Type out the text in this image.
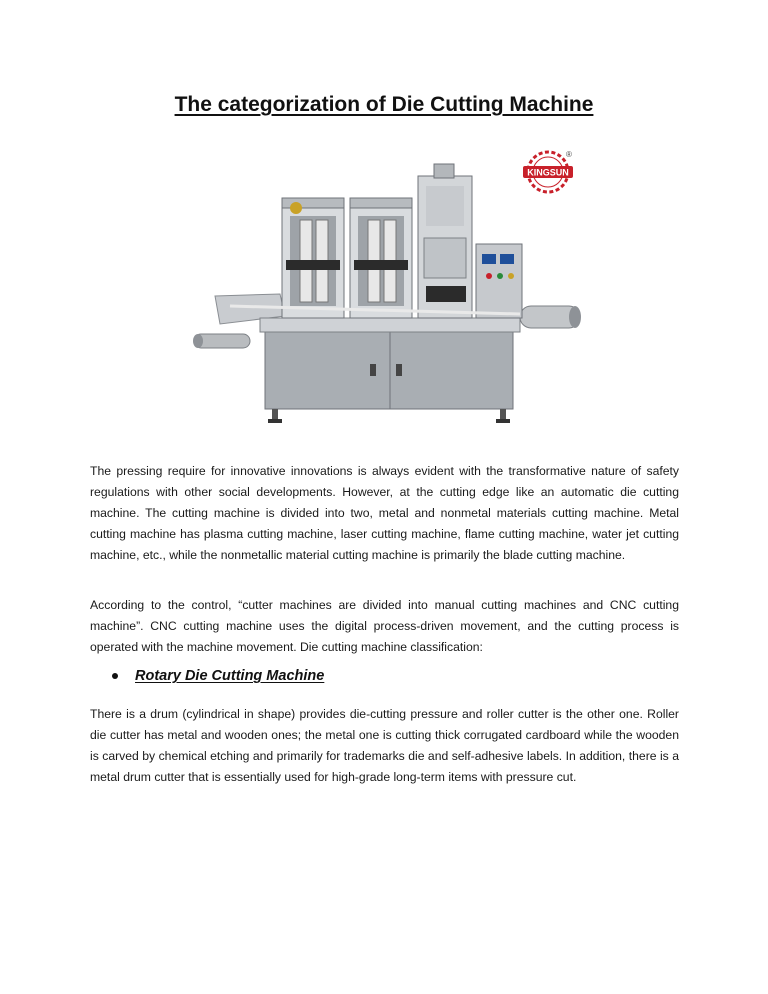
The categorization of Die Cutting Machine
KINGSUN
®

The pressing require for innovative innovations is always evident with the transformative nature of safety regulations with other social developments. However, at the cutting edge like an automatic die cutting machine. The cutting machine is divided into two, metal and nonmetal materials cutting machine. Metal cutting machine has plasma cutting machine, laser cutting machine, flame cutting machine, water jet cutting machine, etc., while the nonmetallic material cutting machine is primarily the blade cutting machine.

According to the control, “cutter machines are divided into manual cutting machines and CNC cutting machine”. CNC cutting machine uses the digital process-driven movement, and the cutting process is operated with the machine movement. Die cutting machine classification:

Rotary Die Cutting Machine

There is a drum (cylindrical in shape) provides die-cutting pressure and roller cutter is the other one. Roller die cutter has metal and wooden ones; the metal one is cutting thick corrugated cardboard while the wooden is carved by chemical etching and primarily for trademarks die and self-adhesive labels. In addition, there is a metal drum cutter that is essentially used for high-grade long-term items with pressure cut.
